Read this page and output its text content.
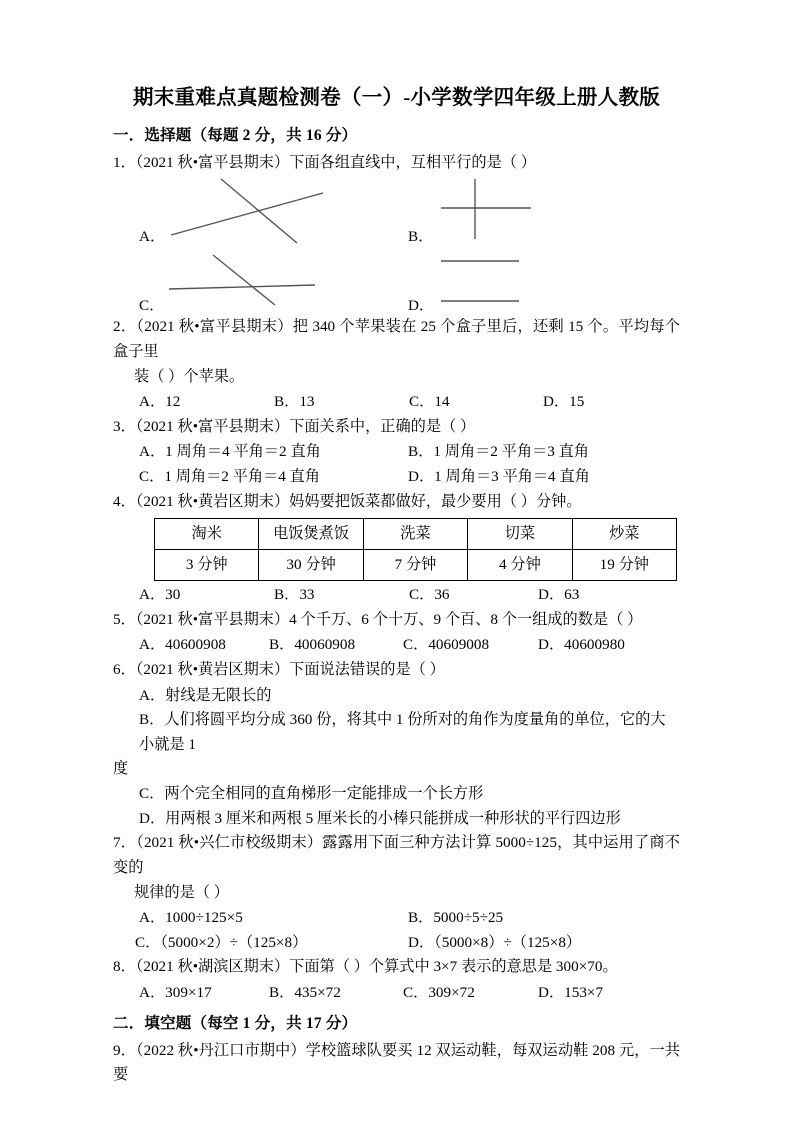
期末重难点真题检测卷（一）-小学数学四年级上册人教版
一．选择题（每题 2 分，共 16 分）
1．（2021 秋•富平县期末）下面各组直线中，互相平行的是（ ）
A．
C．
B．
D．
2．（2021 秋•富平县期末）把 340 个苹果装在 25 个盒子里后，还剩 15 个。平均每个盒子里
装（ ）个苹果。
A．12	B．13	C．14	D．15
3．（2021 秋•富平县期末）下面关系中，正确的是（ ）
A．1 周角＝4 平角＝2 直角	B．1 周角＝2 平角＝3 直角
C．1 周角＝2 平角＝4 直角	D．1 周角＝3 平角＝4 直角
4．（2021 秋•黄岩区期末）妈妈要把饭菜都做好，最少要用（ ）分钟。
淘米	电饭煲煮饭	洗菜	切菜	炒菜
3 分钟	30 分钟	7 分钟	4 分钟	19 分钟
A．30	B．33	C．36	D．63
5．（2021 秋•富平县期末）4 个千万、6 个十万、9 个百、8 个一组成的数是（ ）
A．40600908	B．40060908	C．40609008	D．40600980
6．（2021 秋•黄岩区期末）下面说法错误的是（ ）
A．射线是无限长的
B．人们将圆平均分成 360 份，将其中 1 份所对的角作为度量角的单位，它的大小就是 1 度
C．两个完全相同的直角梯形一定能排成一个长方形
D．用两根 3 厘米和两根 5 厘米长的小棒只能拼成一种形状的平行四边形
7．（2021 秋•兴仁市校级期末）露露用下面三种方法计算 5000÷125，其中运用了商不变的
规律的是（ ）
A．1000÷125×5	B．5000÷5÷25
C．（5000×2）÷（125×8）	D．（5000×8）÷（125×8）
8．（2021 秋•湖滨区期末）下面第（ ）个算式中 3×7 表示的意思是 300×70。
A．309×17	B．435×72	C．309×72	D．153×7
二．填空题（每空 1 分，共 17 分）
9．（2022 秋•丹江口市期中）学校篮球队要买 12 双运动鞋，每双运动鞋 208 元，一共要
